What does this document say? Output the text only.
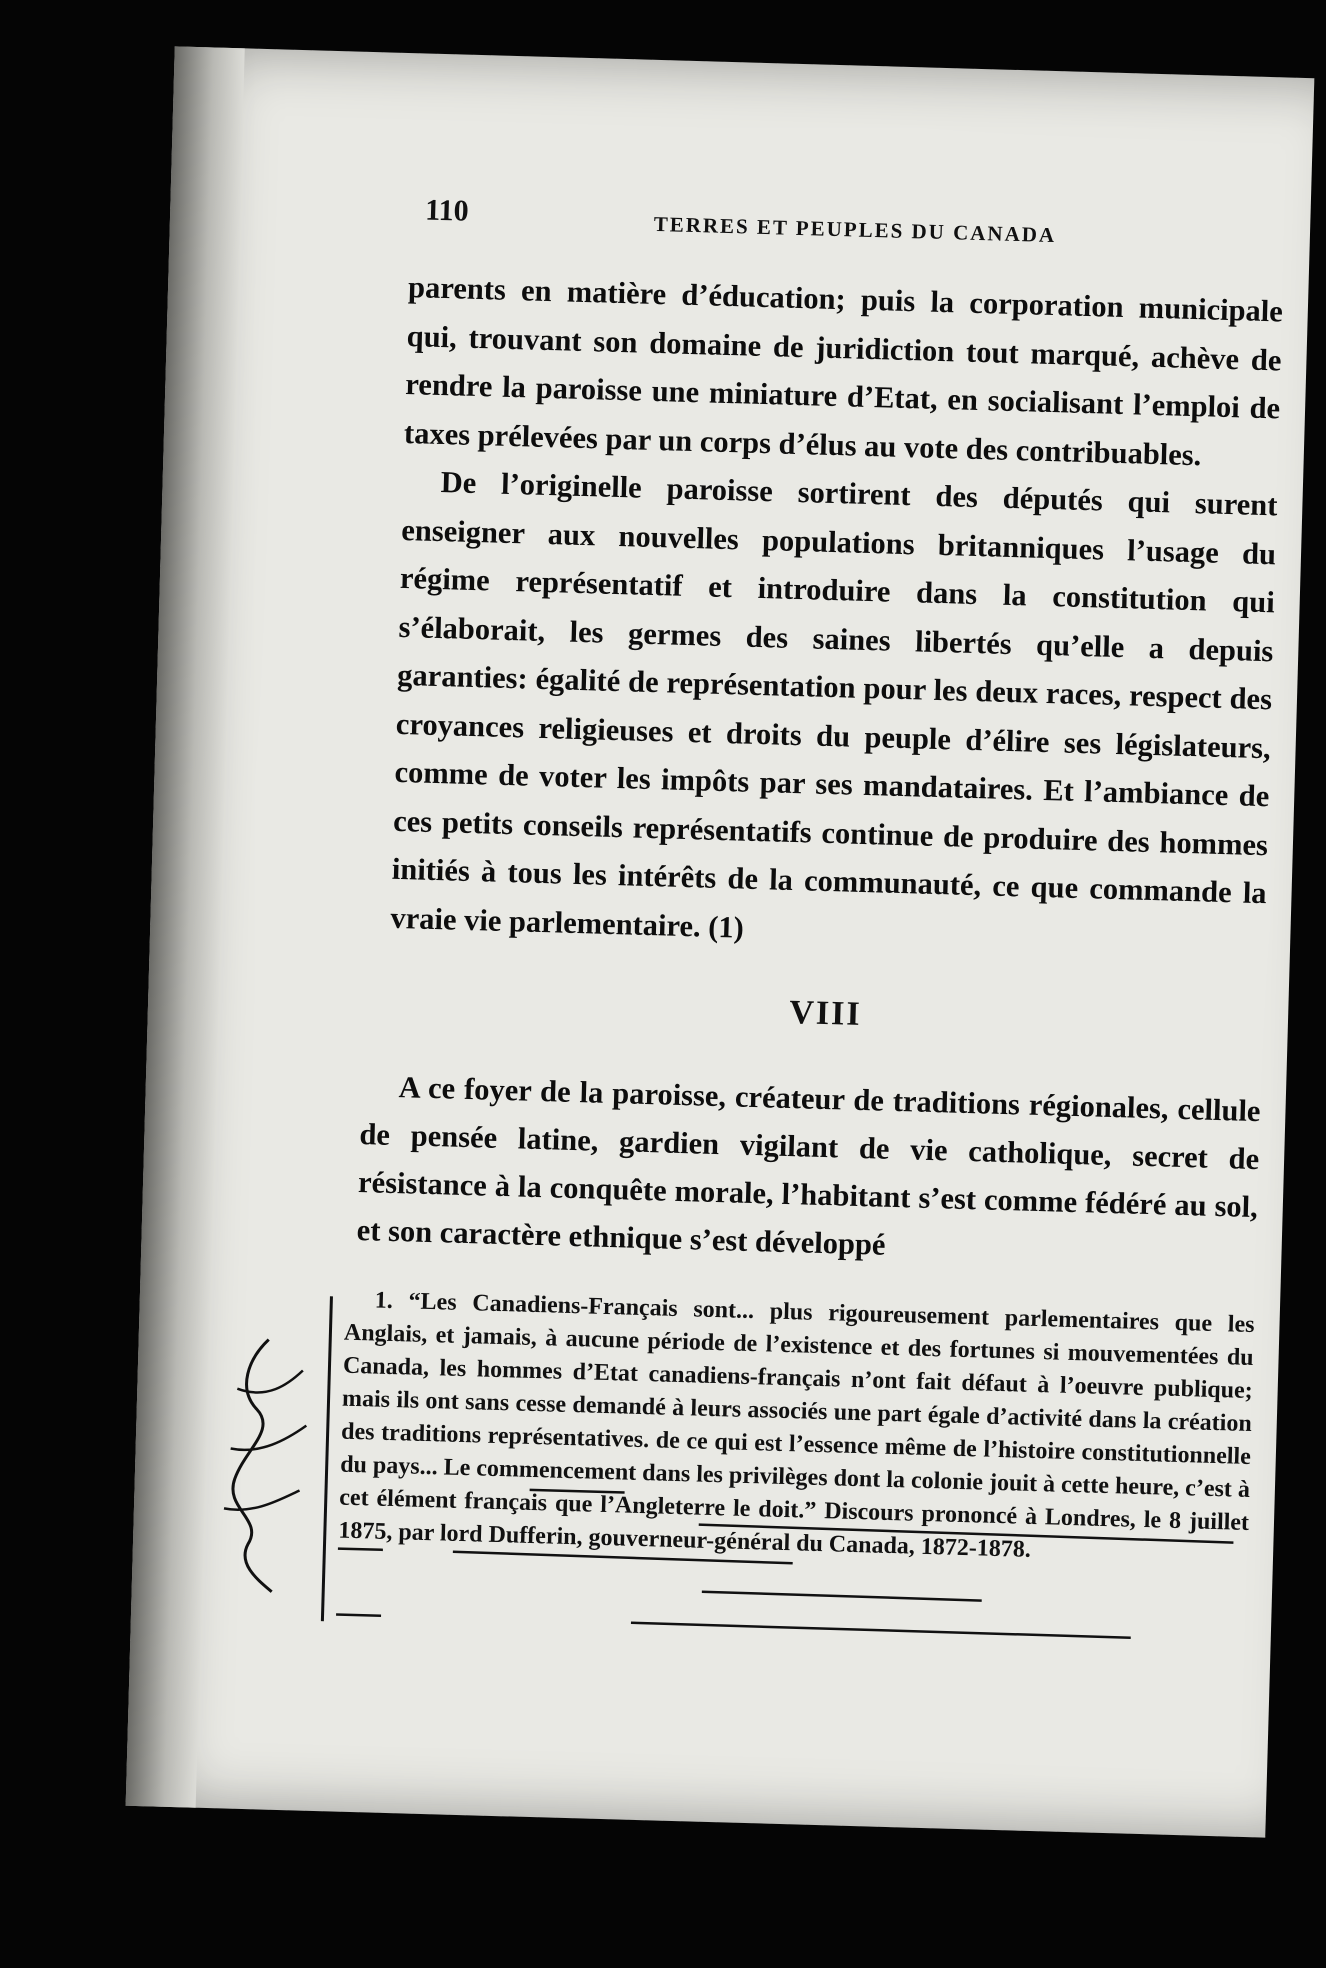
110
TERRES ET PEUPLES DU CANADA

parents en matière d’éducation; puis la corporation municipale qui, trouvant son domaine de juridiction tout marqué, achève de rendre la paroisse une miniature d’Etat, en socialisant l’emploi de taxes prélevées par un corps d’élus au vote des contribuables.

De l’originelle paroisse sortirent des députés qui surent enseigner aux nouvelles populations britanniques l’usage du régime représentatif et introduire dans la constitution qui s’élaborait, les germes des saines libertés qu’elle a depuis garanties: égalité de représentation pour les deux races, respect des croyances religieuses et droits du peuple d’élire ses législateurs, comme de voter les impôts par ses mandataires. Et l’ambiance de ces petits conseils représentatifs continue de produire des hommes initiés à tous les intérêts de la communauté, ce que commande la vraie vie parlementaire. (1)

VIII
A ce foyer de la paroisse, créateur de traditions régionales, cellule de pensée latine, gardien vigilant de vie catholique, secret de résistance à la conquête morale, l’habitant s’est comme fédéré au sol, et son caractère ethnique s’est développé
1. “Les Canadiens-Français sont... plus rigoureusement parlementaires que les Anglais, et jamais, à aucune période de l’existence et des fortunes si mouvementées du Canada, les hommes d’Etat canadiens-français n’ont fait défaut à l’oeuvre publique; mais ils ont sans cesse demandé à leurs associés une part égale d’activité dans la création des traditions représentatives. de ce qui est l’essence même de l’histoire constitutionnelle du pays... Le commencement dans les privilèges dont la colonie jouit à cette heure, c’est à cet élément français que l’Angleterre le doit.” Discours prononcé à Londres, le 8 juillet 1875, par lord Dufferin, gouverneur-général du Canada, 1872-1878.
